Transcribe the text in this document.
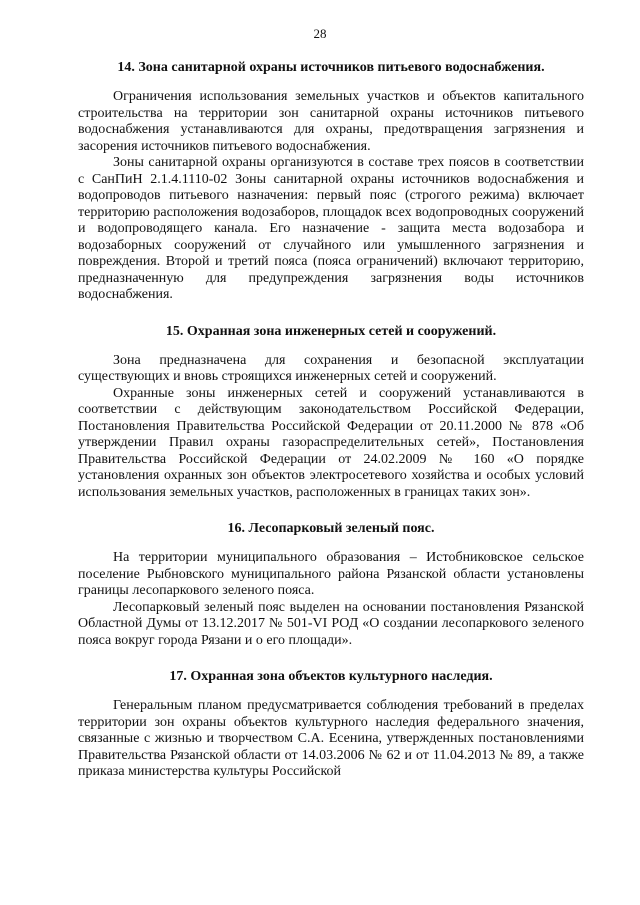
28

14. Зона санитарной охраны источников питьевого водоснабжения.

Ограничения использования земельных участков и объектов капитального строительства на территории зон санитарной охраны источников питьевого водоснабжения устанавливаются для охраны, предотвращения загрязнения и засорения источников питьевого водоснабжения.

Зоны санитарной охраны организуются в составе трех поясов в соответствии с СанПиН 2.1.4.1110-02 Зоны санитарной охраны источников водоснабжения и водопроводов питьевого назначения: первый пояс (строгого режима) включает территорию расположения водозаборов, площадок всех водопроводных сооружений и водопроводящего канала. Его назначение - защита места водозабора и водозаборных сооружений от случайного или умышленного загрязнения и повреждения. Второй и третий пояса (пояса ограничений) включают территорию, предназначенную для предупреждения загрязнения воды источников водоснабжения.

15. Охранная зона инженерных сетей и сооружений.

Зона предназначена для сохранения и безопасной эксплуатации существующих и вновь строящихся инженерных сетей и сооружений.

Охранные зоны инженерных сетей и сооружений устанавливаются в соответствии с действующим законодательством Российской Федерации, Постановления Правительства Российской Федерации от 20.11.2000 № 878 «Об утверждении Правил охраны газораспределительных сетей», Постановления Правительства Российской Федерации от 24.02.2009 № 160 «О порядке установления охранных зон объектов электросетевого хозяйства и особых условий использования земельных участков, расположенных в границах таких зон».

16. Лесопарковый зеленый пояс.

На территории муниципального образования – Истобниковское сельское поселение Рыбновского муниципального района Рязанской области установлены границы лесопаркового зеленого пояса.

Лесопарковый зеленый пояс выделен на основании постановления Рязанской Областной Думы от 13.12.2017 № 501-VI РОД «О создании лесопаркового зеленого пояса вокруг города Рязани и о его площади».

17. Охранная зона объектов культурного наследия.

Генеральным планом предусматривается соблюдения требований в пределах территории зон охраны объектов культурного наследия федерального значения, связанные с жизнью и творчеством С.А. Есенина, утвержденных постановлениями Правительства Рязанской области от 14.03.2006 № 62 и от 11.04.2013 № 89, а также приказа министерства культуры Российской
